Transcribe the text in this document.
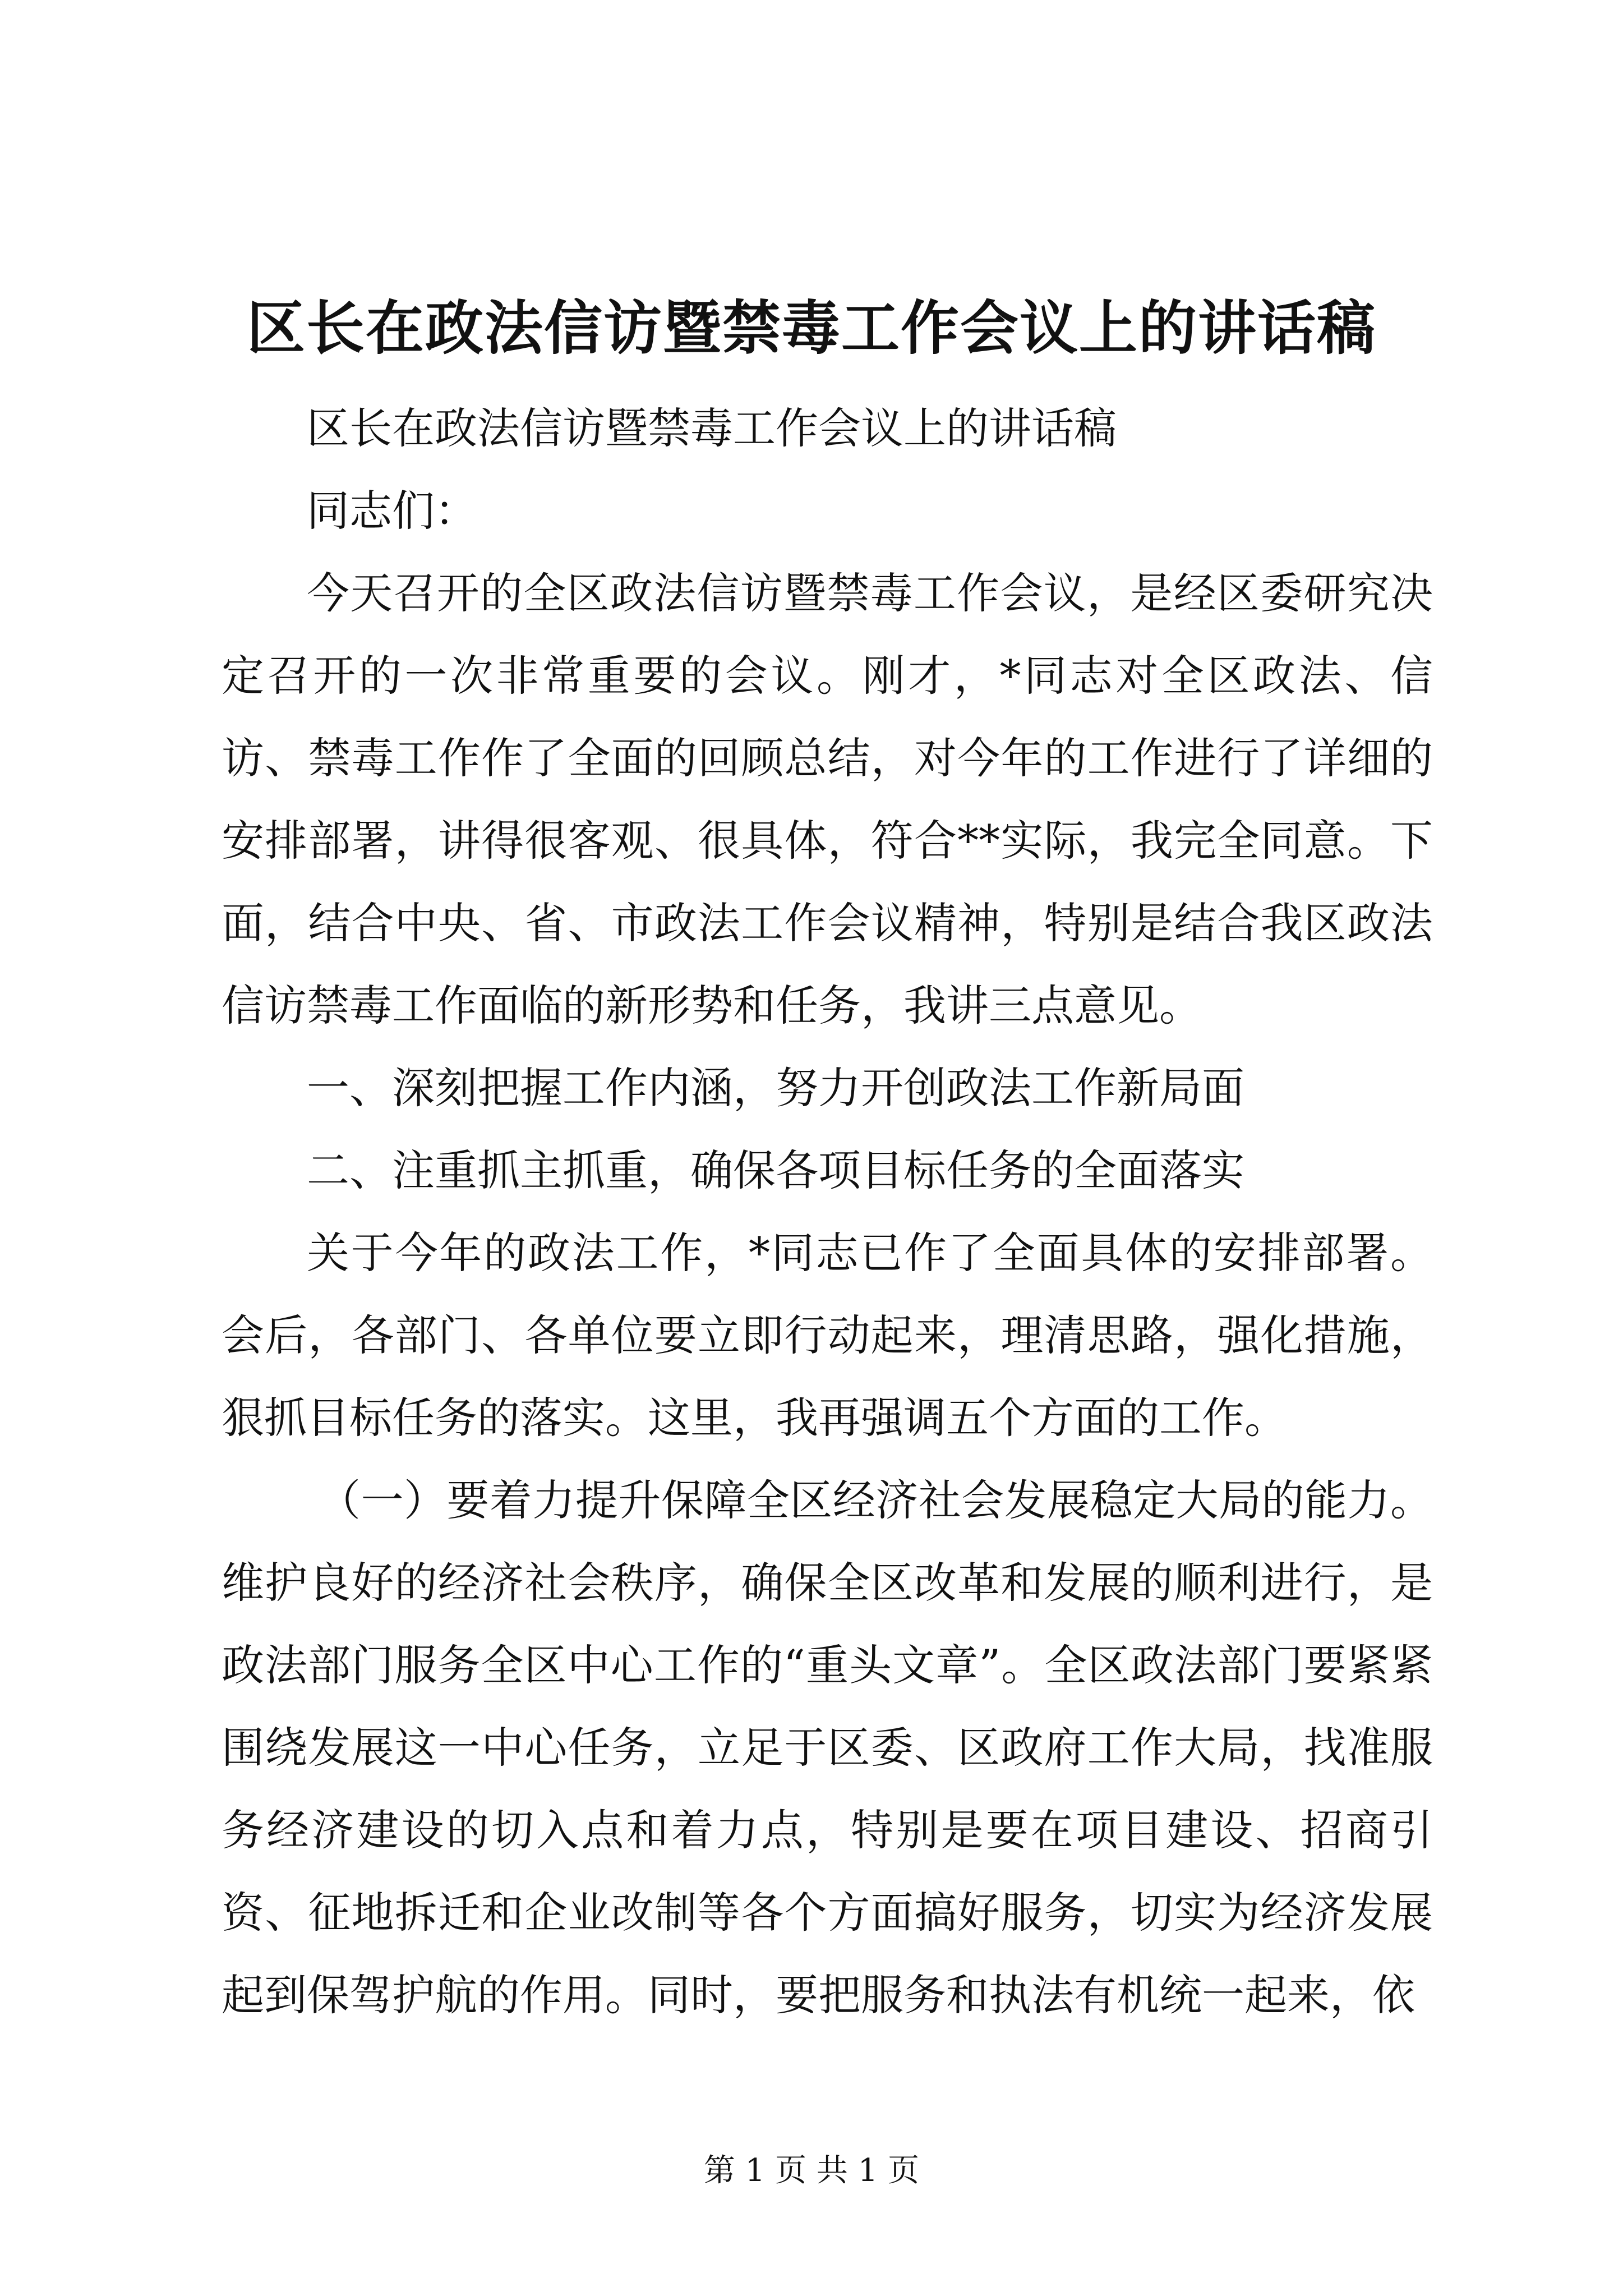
区长在政法信访暨禁毒工作会议上的讲话稿

区长在政法信访暨禁毒工作会议上的讲话稿

同志们：

今天召开的全区政法信访暨禁毒工作会议，是经区委研究决定召开的一次非常重要的会议。刚才，*同志对全区政法、信访、禁毒工作作了全面的回顾总结，对今年的工作进行了详细的安排部署，讲得很客观、很具体，符合**实际，我完全同意。下面，结合中央、省、市政法工作会议精神，特别是结合我区政法信访禁毒工作面临的新形势和任务，我讲三点意见。

一、深刻把握工作内涵，努力开创政法工作新局面

二、注重抓主抓重，确保各项目标任务的全面落实

关于今年的政法工作，*同志已作了全面具体的安排部署。会后，各部门、各单位要立即行动起来，理清思路，强化措施，狠抓目标任务的落实。这里，我再强调五个方面的工作。

（一）要着力提升保障全区经济社会发展稳定大局的能力。维护良好的经济社会秩序，确保全区改革和发展的顺利进行，是政法部门服务全区中心工作的“重头文章”。全区政法部门要紧紧围绕发展这一中心任务，立足于区委、区政府工作大局，找准服务经济建设的切入点和着力点，特别是要在项目建设、招商引资、征地拆迁和企业改制等各个方面搞好服务，切实为经济发展起到保驾护航的作用。同时，要把服务和执法有机统一起来，依

第 1 页 共 1 页
